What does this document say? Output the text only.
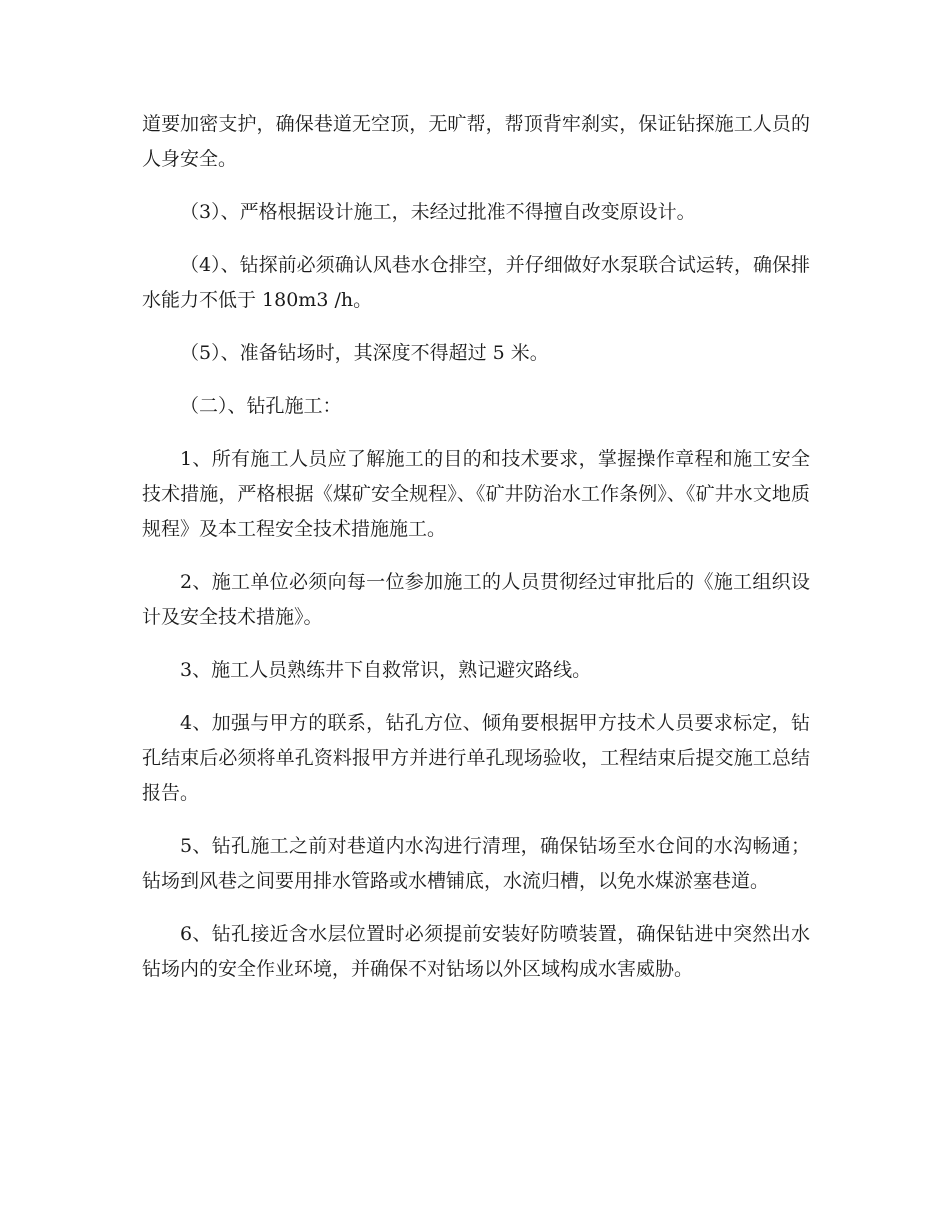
道要加密支护，确保巷道无空顶，无旷帮，帮顶背牢刹实，保证钻探施工人员的人身安全。

（3）、严格根据设计施工，未经过批准不得擅自改变原设计。

（4）、钻探前必须确认风巷水仓排空，并仔细做好水泵联合试运转，确保排水能力不低于 180m3 /h。

（5）、准备钻场时，其深度不得超过 5 米。

（二）、钻孔施工：

1、所有施工人员应了解施工的目的和技术要求，掌握操作章程和施工安全技术措施，严格根据《煤矿安全规程》、《矿井防治水工作条例》、《矿井水文地质规程》及本工程安全技术措施施工。

2、施工单位必须向每一位参加施工的人员贯彻经过审批后的《施工组织设计及安全技术措施》。

3、施工人员熟练井下自救常识，熟记避灾路线。

4、加强与甲方的联系，钻孔方位、倾角要根据甲方技术人员要求标定，钻孔结束后必须将单孔资料报甲方并进行单孔现场验收，工程结束后提交施工总结报告。

5、钻孔施工之前对巷道内水沟进行清理，确保钻场至水仓间的水沟畅通；钻场到风巷之间要用排水管路或水槽铺底，水流归槽，以免水煤淤塞巷道。

6、钻孔接近含水层位置时必须提前安装好防喷装置，确保钻进中突然出水钻场内的安全作业环境，并确保不对钻场以外区域构成水害威胁。
